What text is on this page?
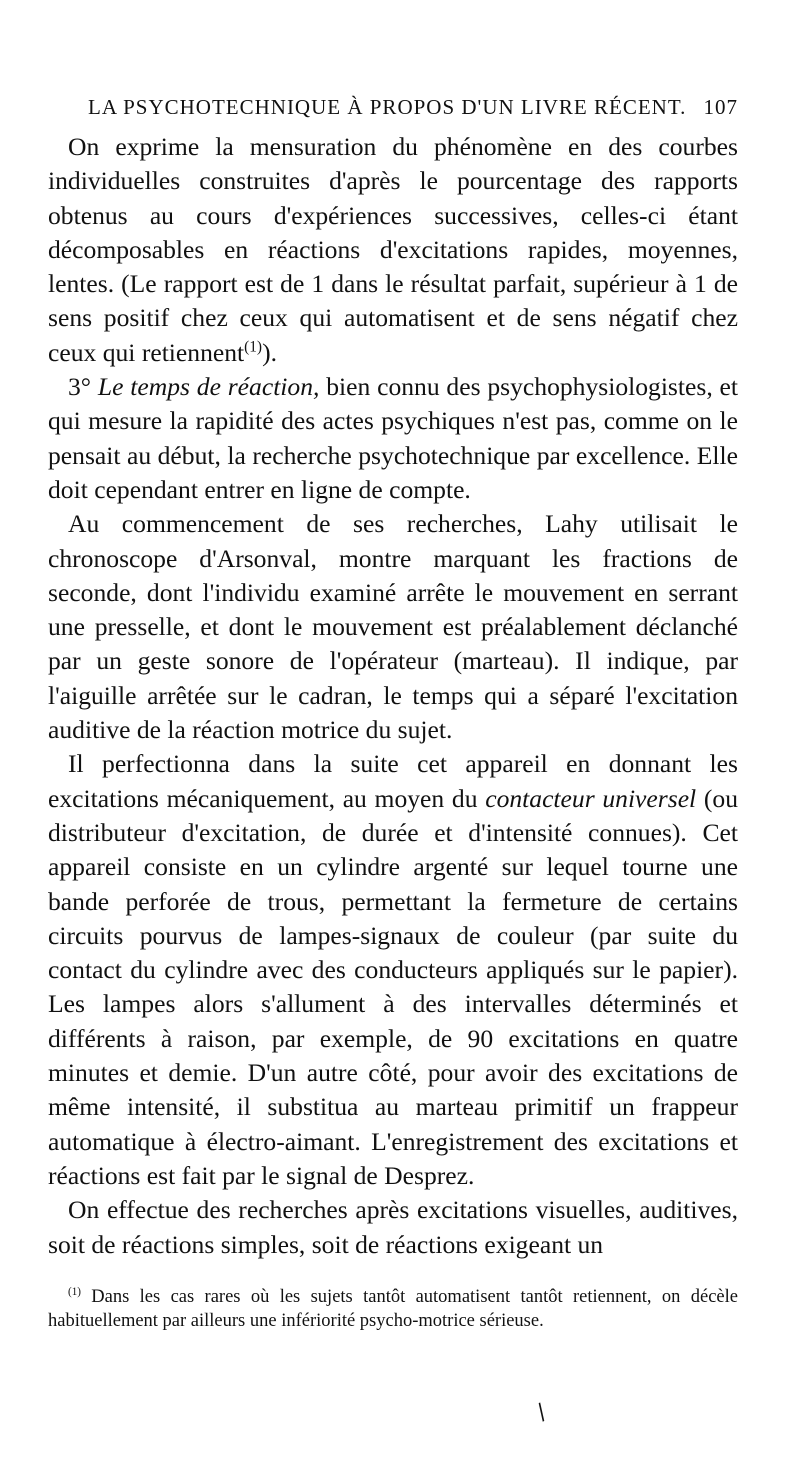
LA PSYCHOTECHNIQUE À PROPOS D'UN LIVRE RÉCENT. 107

On exprime la mensuration du phénomène en des courbes individuelles construites d'après le pourcentage des rapports obtenus au cours d'expériences successives, celles-ci étant décomposables en réactions d'excitations rapides, moyennes, lentes. (Le rapport est de 1 dans le résultat parfait, supérieur à 1 de sens positif chez ceux qui automatisent et de sens négatif chez ceux qui retiennent$^{(1)}$).

3° Le temps de réaction, bien connu des psychophysiologistes, et qui mesure la rapidité des actes psychiques n'est pas, comme on le pensait au début, la recherche psychotechnique par excellence. Elle doit cependant entrer en ligne de compte.

Au commencement de ses recherches, Lahy utilisait le chronoscope d'Arsonval, montre marquant les fractions de seconde, dont l'individu examiné arrête le mouvement en serrant une presselle, et dont le mouvement est préalablement déclanché par un geste sonore de l'opérateur (marteau). Il indique, par l'aiguille arrêtée sur le cadran, le temps qui a séparé l'excitation auditive de la réaction motrice du sujet.

Il perfectionna dans la suite cet appareil en donnant les excitations mécaniquement, au moyen du contacteur universel (ou distributeur d'excitation, de durée et d'intensité connues). Cet appareil consiste en un cylindre argenté sur lequel tourne une bande perforée de trous, permettant la fermeture de certains circuits pourvus de lampes-signaux de couleur (par suite du contact du cylindre avec des conducteurs appliqués sur le papier). Les lampes alors s'allument à des intervalles déterminés et différents à raison, par exemple, de 90 excitations en quatre minutes et demie. D'un autre côté, pour avoir des excitations de même intensité, il substitua au marteau primitif un frappeur automatique à électro-aimant. L'enregistrement des excitations et réactions est fait par le signal de Desprez.

On effectue des recherches après excitations visuelles, auditives, soit de réactions simples, soit de réactions exigeant un

$^{(1)}$ Dans les cas rares où les sujets tantôt automatisent tantôt retiennent, on décèle habituellement par ailleurs une infériorité psycho-motrice sérieuse.

/
